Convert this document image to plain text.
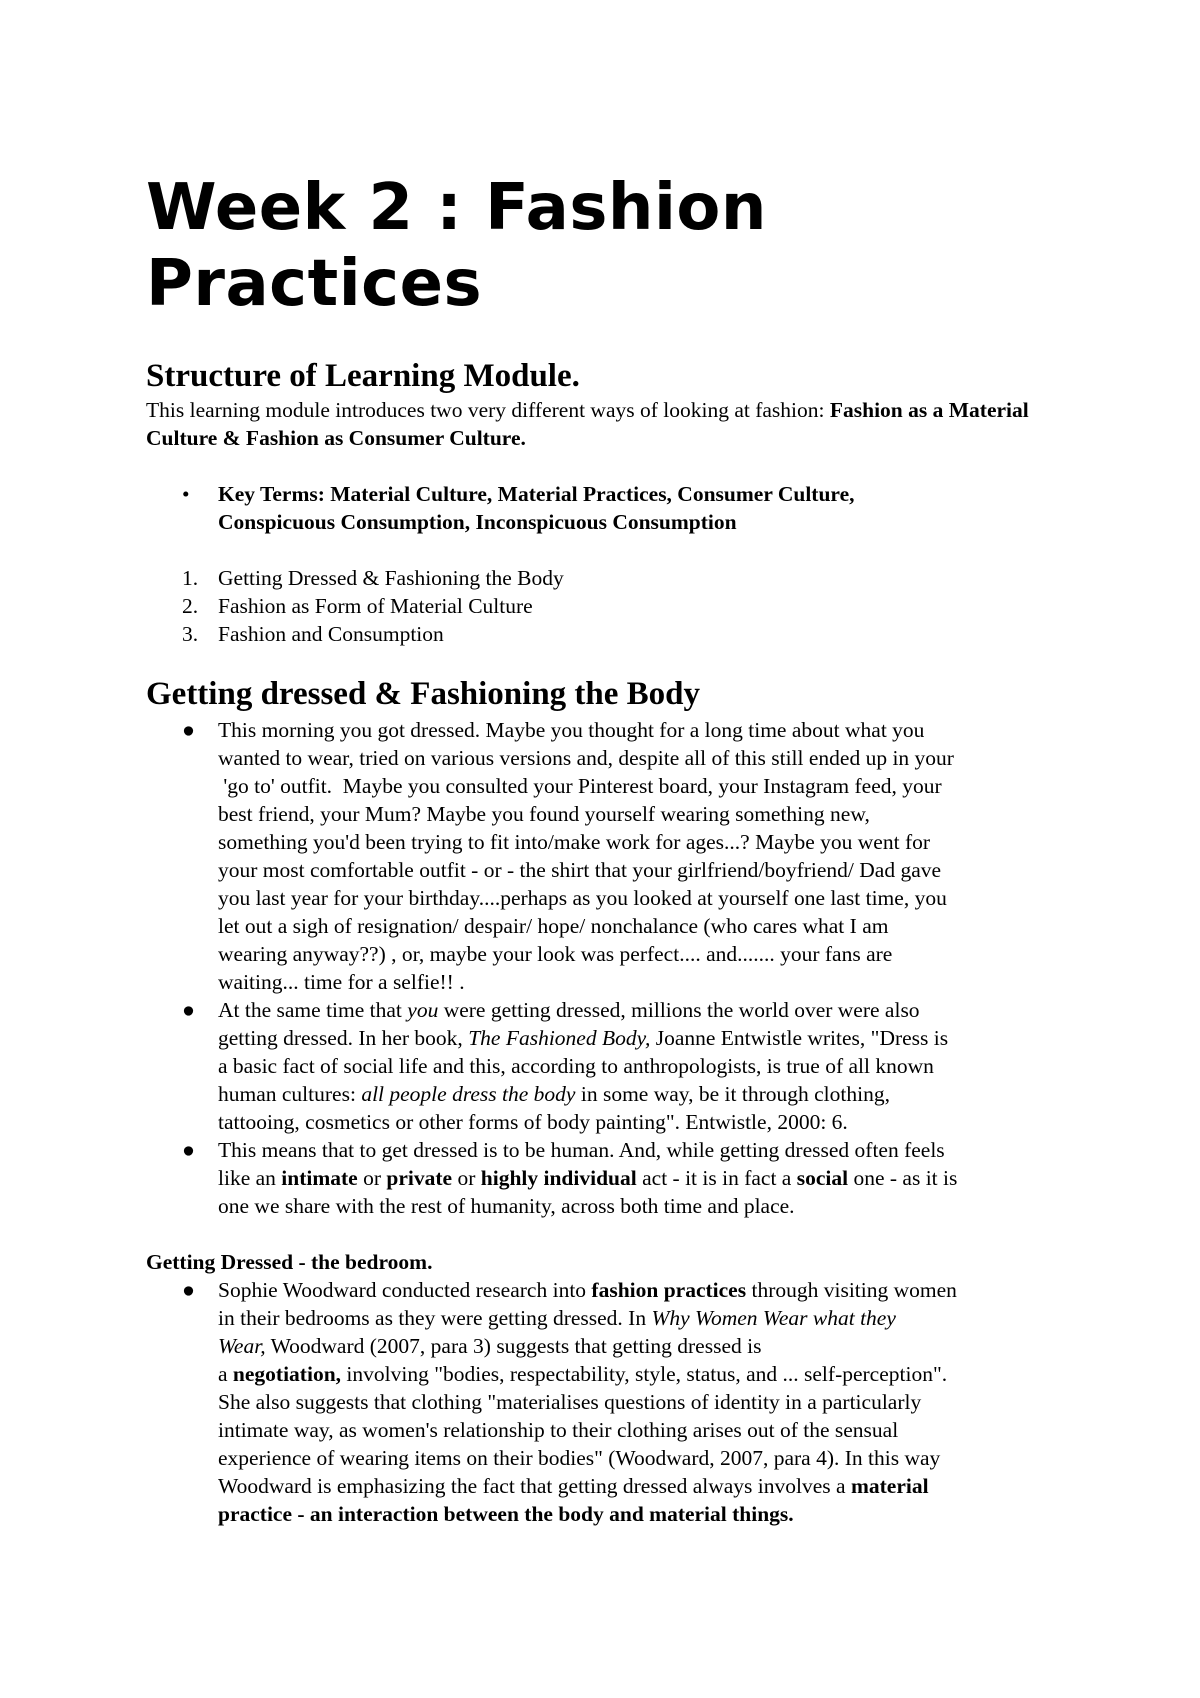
Week 2 : Fashion
Practices
Structure of Learning Module.

This learning module introduces two very different ways of looking at fashion: Fashion as a Material Culture & Fashion as Consumer Culture.

•	Key Terms: Material Culture, Material Practices, Consumer Culture,
Conspicuous Consumption, Inconspicuous Consumption
1. Getting Dressed & Fashioning the Body
2. Fashion as Form of Material Culture
3. Fashion and Consumption
Getting dressed & Fashioning the Body
●	This morning you got dressed. Maybe you thought for a long time about what you
wanted to wear, tried on various versions and, despite all of this still ended up in your
'go to' outfit.  Maybe you consulted your Pinterest board, your Instagram feed, your
best friend, your Mum? Maybe you found yourself wearing something new,
something you'd been trying to fit into/make work for ages...? Maybe you went for
your most comfortable outfit - or - the shirt that your girlfriend/boyfriend/ Dad gave
you last year for your birthday....perhaps as you looked at yourself one last time, you
let out a sigh of resignation/ despair/ hope/ nonchalance (who cares what I am
wearing anyway??) , or, maybe your look was perfect.... and....... your fans are
waiting... time for a selfie!! .
●	At the same time that you were getting dressed, millions the world over were also
getting dressed. In her book, The Fashioned Body, Joanne Entwistle writes, "Dress is
a basic fact of social life and this, according to anthropologists, is true of all known
human cultures: all people dress the body in some way, be it through clothing,
tattooing, cosmetics or other forms of body painting". Entwistle, 2000: 6.
●	This means that to get dressed is to be human. And, while getting dressed often feels
like an intimate or private or highly individual act - it is in fact a social one - as it is
one we share with the rest of humanity, across both time and place.

Getting Dressed - the bedroom.

●	Sophie Woodward conducted research into fashion practices through visiting women
in their bedrooms as they were getting dressed. In Why Women Wear what they
Wear, Woodward (2007, para 3) suggests that getting dressed is
a negotiation, involving "bodies, respectability, style, status, and ... self-perception".
She also suggests that clothing "materialises questions of identity in a particularly
intimate way, as women's relationship to their clothing arises out of the sensual
experience of wearing items on their bodies" (Woodward, 2007, para 4). In this way
Woodward is emphasizing the fact that getting dressed always involves a material
practice - an interaction between the body and material things.
